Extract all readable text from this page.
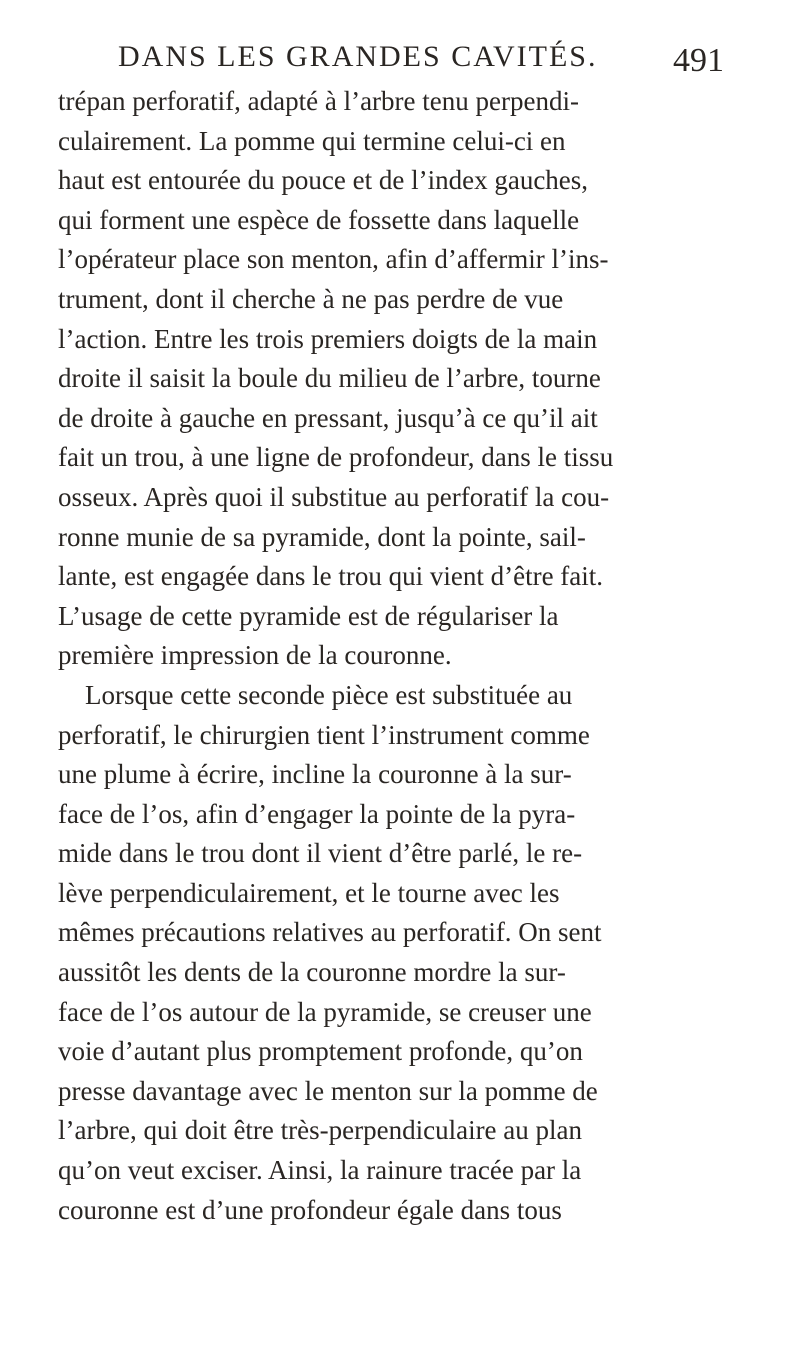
DANS LES GRANDES CAVITÉS. 491
trépan perforatif, adapté à l’arbre tenu perpendi-
culairement. La pomme qui termine celui-ci en
haut est entourée du pouce et de l’index gauches,
qui forment une espèce de fossette dans laquelle
l’opérateur place son menton, afin d’affermir l’ins-
trument, dont il cherche à ne pas perdre de vue
l’action. Entre les trois premiers doigts de la main
droite il saisit la boule du milieu de l’arbre, tourne
de droite à gauche en pressant, jusqu’à ce qu’il ait
fait un trou, à une ligne de profondeur, dans le tissu
osseux. Après quoi il substitue au perforatif la cou-
ronne munie de sa pyramide, dont la pointe, sail-
lante, est engagée dans le trou qui vient d’être fait.
L’usage de cette pyramide est de régulariser la
première impression de la couronne.
Lorsque cette seconde pièce est substituée au
perforatif, le chirurgien tient l’instrument comme
une plume à écrire, incline la couronne à la sur-
face de l’os, afin d’engager la pointe de la pyra-
mide dans le trou dont il vient d’être parlé, le re-
lève perpendiculairement, et le tourne avec les
mêmes précautions relatives au perforatif. On sent
aussitôt les dents de la couronne mordre la sur-
face de l’os autour de la pyramide, se creuser une
voie d’autant plus promptement profonde, qu’on
presse davantage avec le menton sur la pomme de
l’arbre, qui doit être très-perpendiculaire au plan
qu’on veut exciser. Ainsi, la rainure tracée par la
couronne est d’une profondeur égale dans tous
